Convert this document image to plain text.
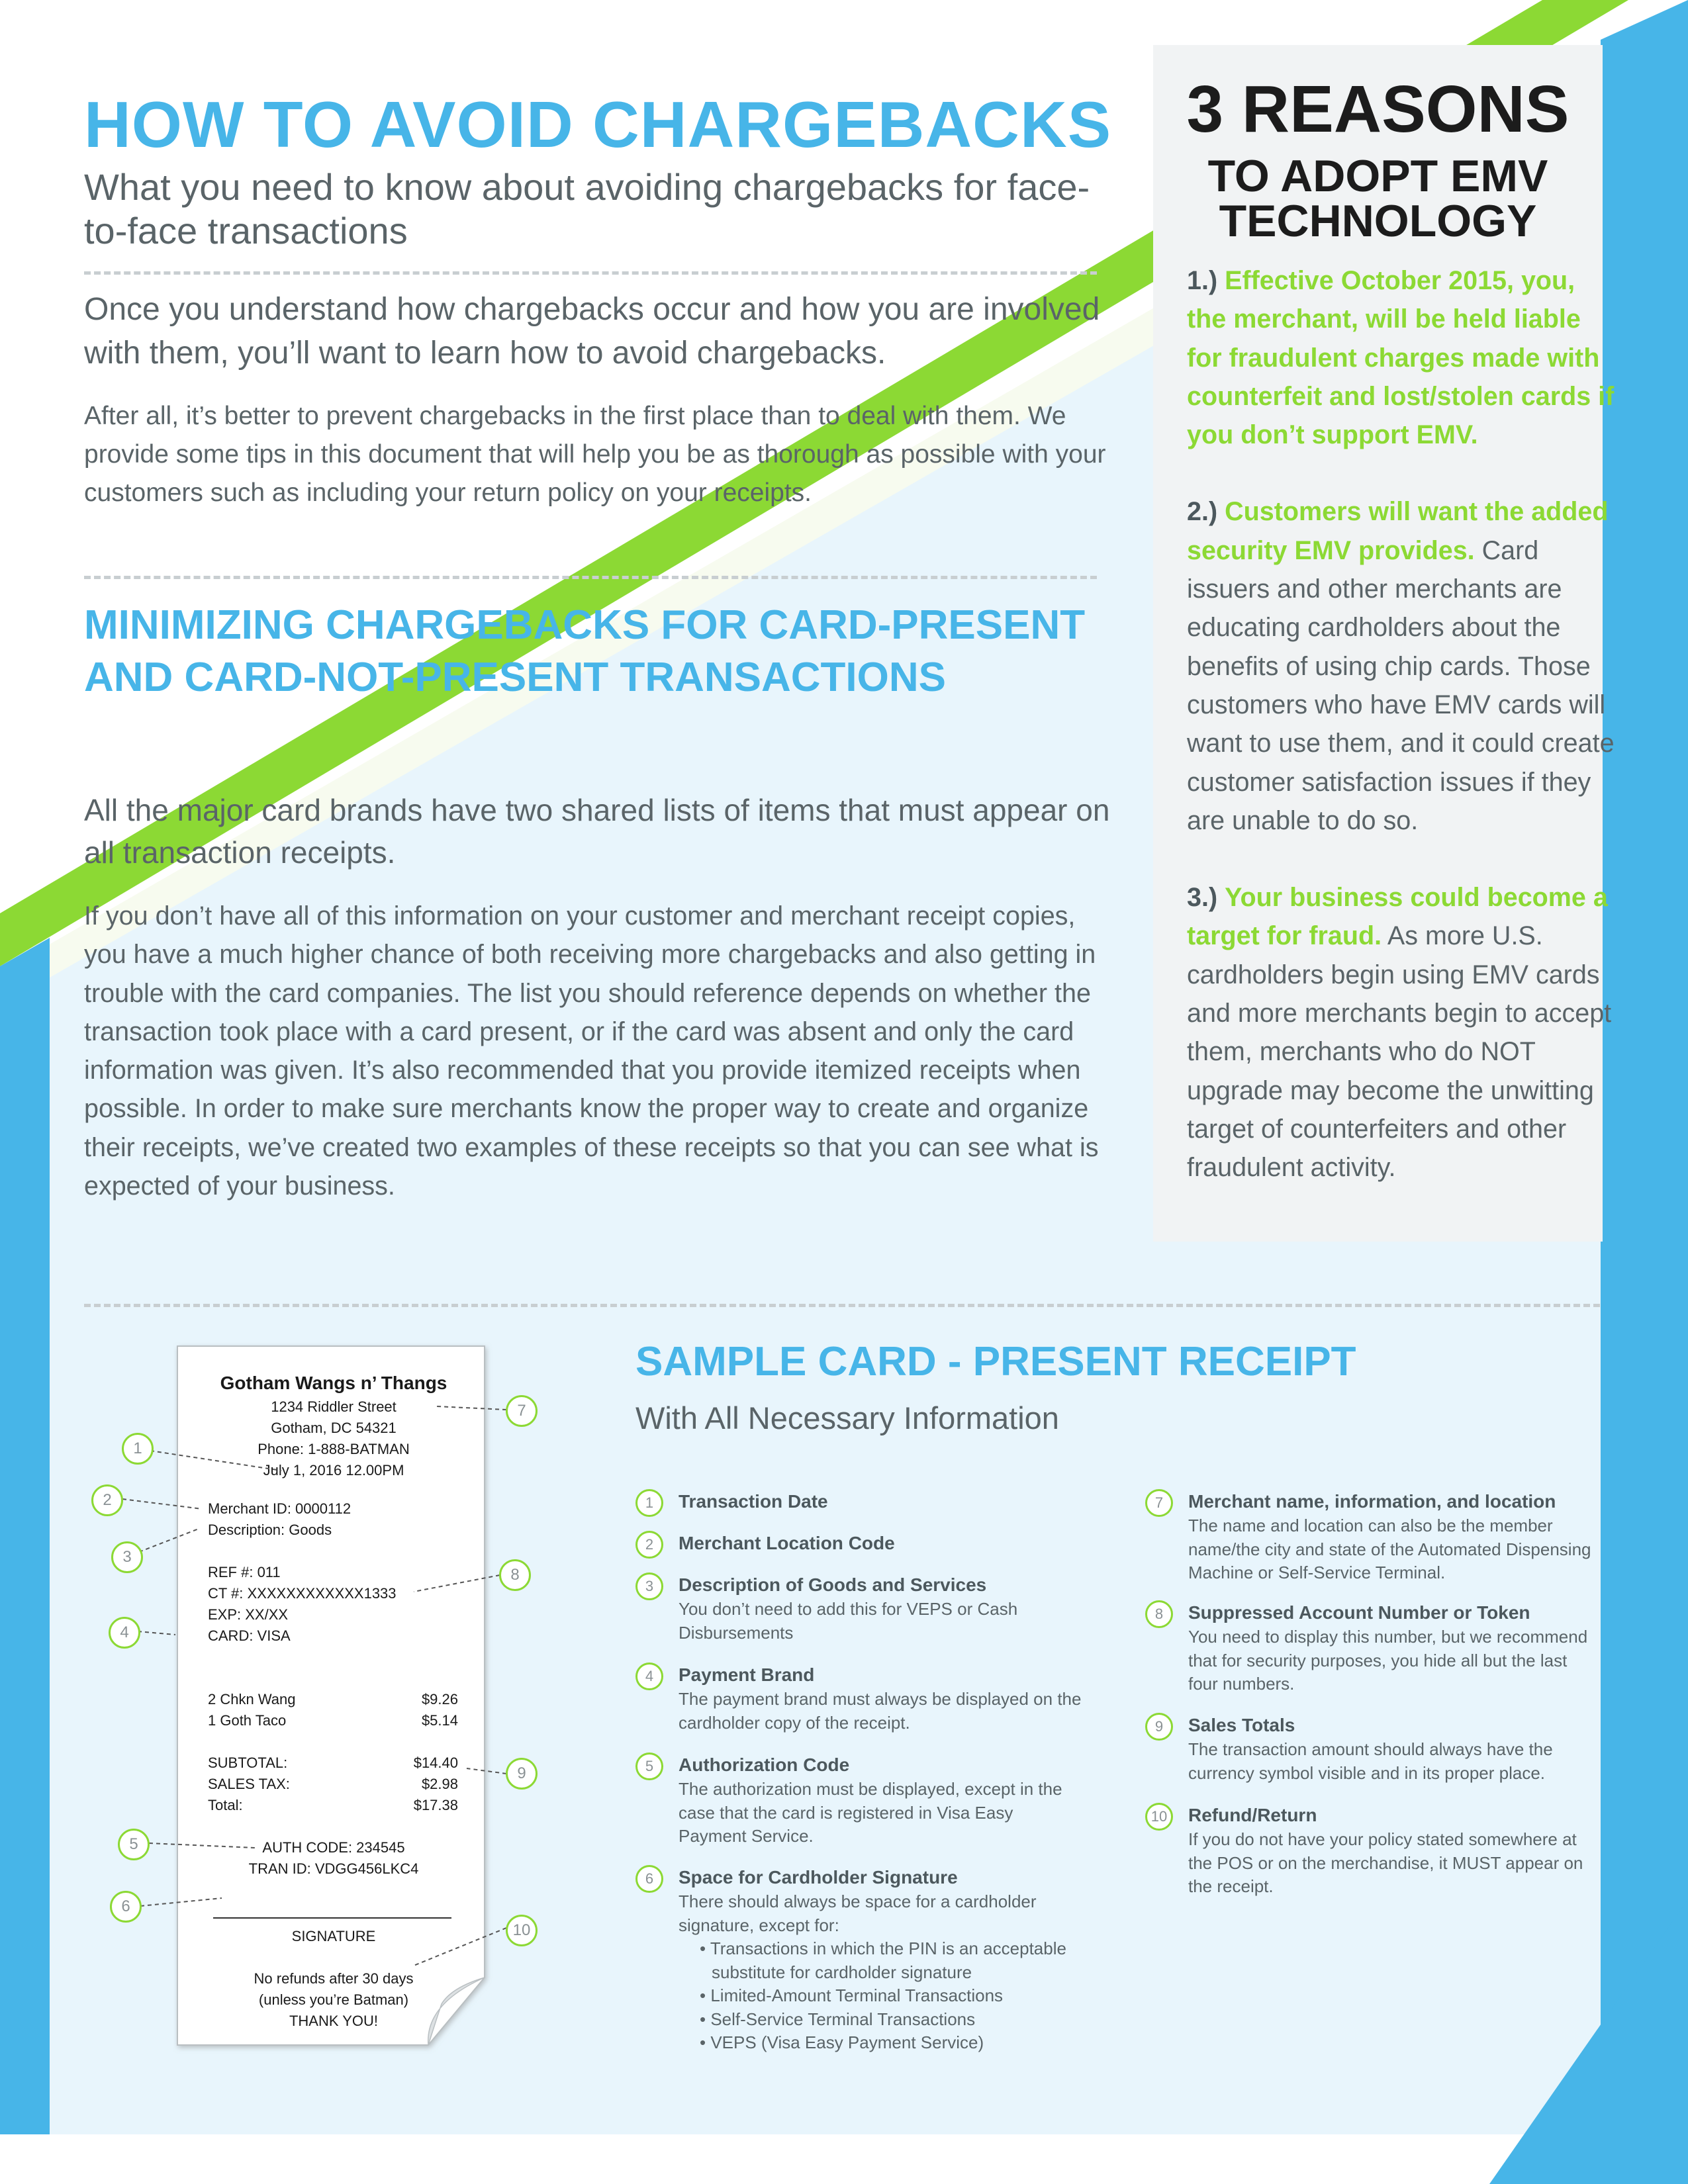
HOW TO AVOID CHARGEBACKS
What you need to know about avoiding chargebacks for face-to-face transactions
Once you understand how chargebacks occur and how you are involved with them, you’ll want to learn how to avoid chargebacks.
After all, it’s better to prevent chargebacks in the first place than to deal with them. We provide some tips in this document that will help you be as thorough as possible with your customers such as including your return policy on your receipts.
MINIMIZING CHARGEBACKS FOR CARD-PRESENT AND CARD-NOT-PRESENT TRANSACTIONS
All the major card brands have two shared lists of items that must appear on all transaction receipts.
If you don’t have all of this information on your customer and merchant receipt copies, you have a much higher chance of both receiving more chargebacks and also getting in trouble with the card companies. The list you should reference depends on whether the transaction took place with a card present, or if the card was absent and only the card information was given. It’s also recommended that you provide itemized receipts when possible. In order to make sure merchants know the proper way to create and organize their receipts, we’ve created two examples of these receipts so that you can see what is expected of your business.
3 REASONS
TO ADOPT EMV TECHNOLOGY

1.) Effective October 2015, you, the merchant, will be held liable for fraudulent charges made with counterfeit and lost/stolen cards if you don’t support EMV.

2.) Customers will want the added security EMV provides. Card issuers and other merchants are educating cardholders about the benefits of using chip cards. Those customers who have EMV cards will want to use them, and it could create customer satisfaction issues if they are unable to do so.

3.) Your business could become a target for fraud. As more U.S. cardholders begin using EMV cards and more merchants begin to accept them, merchants who do NOT upgrade may become the unwitting target of counterfeiters and other fraudulent activity.

Gotham Wangs n’ Thangs
1234 Riddler Street
Gotham, DC 54321
Phone: 1-888-BATMAN
July 1, 2016 12.00PM
Merchant ID: 0000112
Description: Goods
REF #: 011
CT #: XXXXXXXXXXXX1333
EXP: XX/XX
CARD: VISA
2 Chkn Wang	$9.26
1 Goth Taco	$5.14
SUBTOTAL:	$14.40
SALES TAX:	$2.98
Total:	$17.38
AUTH CODE: 234545
TRAN ID: VDGG456LKC4
SIGNATURE
No refunds after 30 days
(unless you’re Batman)
THANK YOU!
1
2
3
4
5
6
7
8
9
10
SAMPLE CARD - PRESENT RECEIPT
With All Necessary Information
1	Transaction Date
2	Merchant Location Code
3	Description of Goods and Services
You don’t need to add this for VEPS or Cash Disbursements
4	Payment Brand
The payment brand must always be displayed on the cardholder copy of the receipt.
5	Authorization Code
The authorization must be displayed, except in the case that the card is registered in Visa Easy Payment Service.
6	Space for Cardholder Signature
There should always be space for a cardholder signature, except for:
• Transactions in which the PIN is an acceptable substitute for cardholder signature
• Limited-Amount Terminal Transactions
• Self-Service Terminal Transactions
• VEPS (Visa Easy Payment Service)
7	Merchant name, information, and location
The name and location can also be the member name/the city and state of the Automated Dispensing Machine or Self-Service Terminal.
8	Suppressed Account Number or Token
You need to display this number, but we recommend that for security purposes, you hide all but the last four numbers.
9	Sales Totals
The transaction amount should always have the currency symbol visible and in its proper place.
10	Refund/Return
If you do not have your policy stated somewhere at the POS or on the merchandise, it MUST appear on the receipt.
